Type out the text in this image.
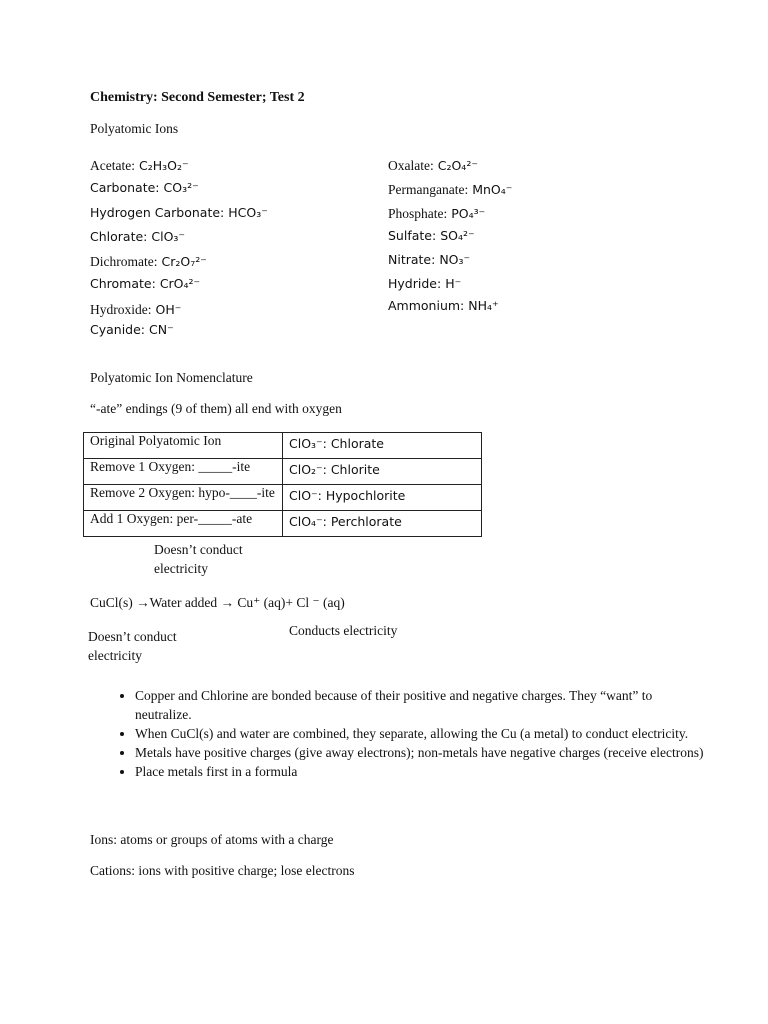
Chemistry: Second Semester; Test 2
Polyatomic Ions
Acetate: C₂H₃O₂⁻
Carbonate: CO₃²⁻
Hydrogen Carbonate: HCO₃⁻
Chlorate: ClO₃⁻
Dichromate: Cr₂O₇²⁻
Chromate: CrO₄²⁻
Hydroxide: OH⁻
Cyanide: CN⁻
Oxalate: C₂O₄²⁻
Permanganate: MnO₄⁻
Phosphate: PO₄³⁻
Sulfate: SO₄²⁻
Nitrate: NO₃⁻
Hydride: H⁻
Ammonium: NH₄⁺
Polyatomic Ion Nomenclature
“-ate” endings (9 of them) all end with oxygen
Original Polyatomic Ion	ClO₃⁻: Chlorate
Remove 1 Oxygen: _____-ite	ClO₂⁻: Chlorite
Remove 2 Oxygen: hypo-____-ite	ClO⁻: Hypochlorite
Add 1 Oxygen: per-_____-ate	ClO₄⁻: Perchlorate
Doesn’t conduct electricity
CuCl(s) →Water added → Cu⁺ (aq)+ Cl ⁻ (aq)
Doesn’t conduct electricity
Conducts electricity
• Copper and Chlorine are bonded because of their positive and negative charges. They “want” to neutralize.
• When CuCl(s) and water are combined, they separate, allowing the Cu (a metal) to conduct electricity.
• Metals have positive charges (give away electrons); non-metals have negative charges (receive electrons)
• Place metals first in a formula
Ions: atoms or groups of atoms with a charge
Cations: ions with positive charge; lose electrons
